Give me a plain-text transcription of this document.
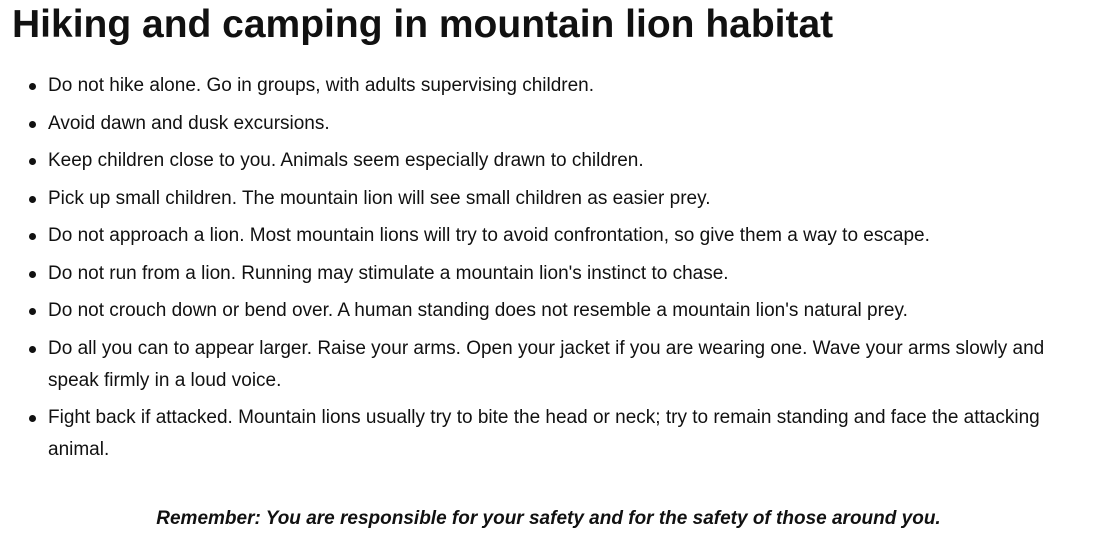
Hiking and camping in mountain lion habitat
Do not hike alone. Go in groups, with adults supervising children.
Avoid dawn and dusk excursions.
Keep children close to you. Animals seem especially drawn to children.
Pick up small children. The mountain lion will see small children as easier prey.
Do not approach a lion. Most mountain lions will try to avoid confrontation, so give them a way to escape.
Do not run from a lion. Running may stimulate a mountain lion's instinct to chase.
Do not crouch down or bend over. A human standing does not resemble a mountain lion's natural prey.
Do all you can to appear larger. Raise your arms. Open your jacket if you are wearing one. Wave your arms slowly and speak firmly in a loud voice.
Fight back if attacked. Mountain lions usually try to bite the head or neck; try to remain standing and face the attacking animal.

Remember: You are responsible for your safety and for the safety of those around you.
